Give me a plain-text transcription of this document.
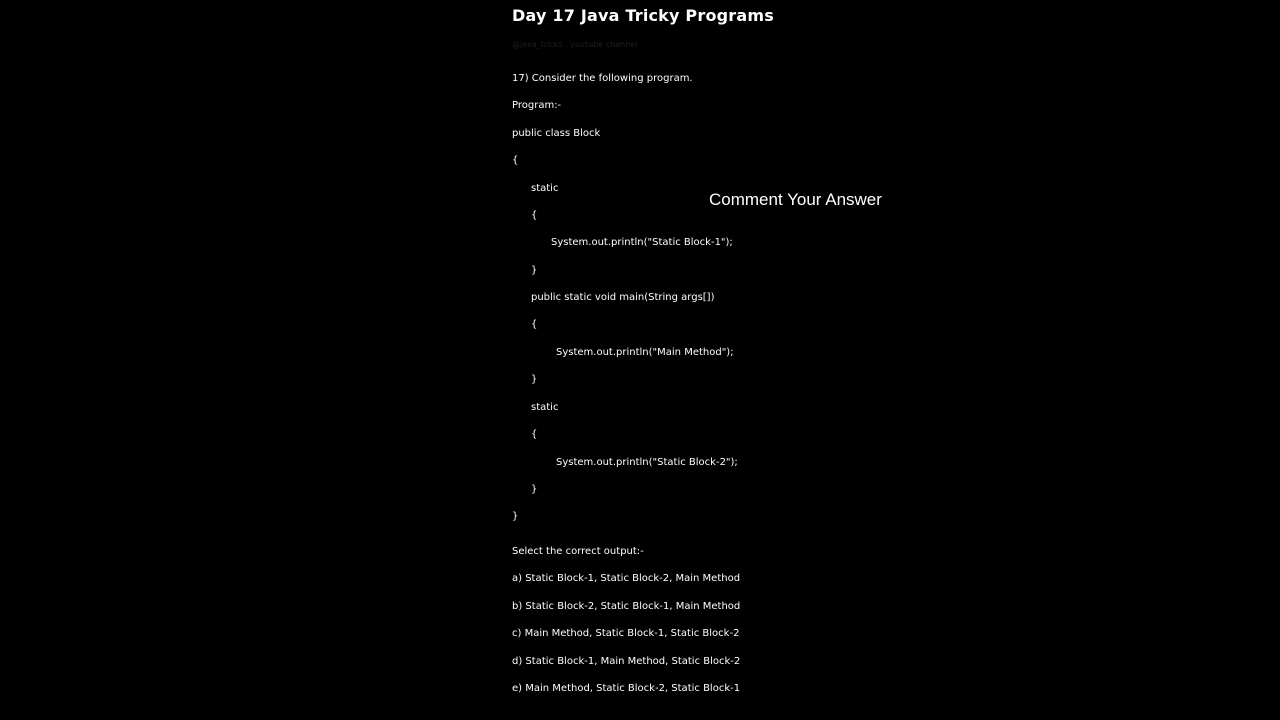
Day 17 Java Tricky Programs
@java_tricks . youtube channel
17) Consider the following program.
Program:-
public class Block
{
static
{
System.out.println("Static Block-1");
}
public static void main(String args[])
{
System.out.println("Main Method");
}
static
{
System.out.println("Static Block-2");
}
}
Select the correct output:-
a) Static Block-1, Static Block-2, Main Method
b) Static Block-2, Static Block-1, Main Method
c) Main Method, Static Block-1, Static Block-2
d) Static Block-1, Main Method, Static Block-2
e) Main Method, Static Block-2, Static Block-1
Comment Your Answer
